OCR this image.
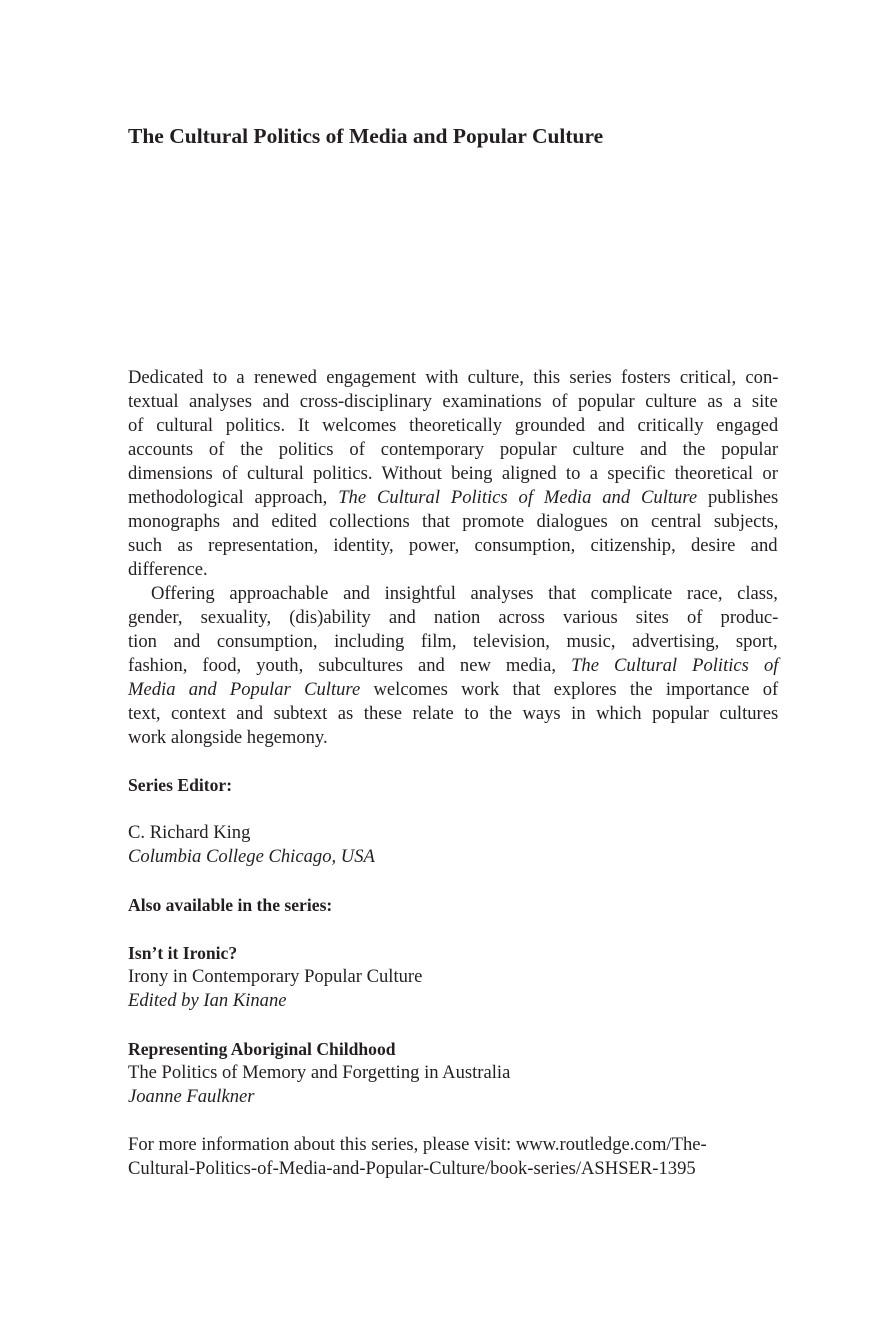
The Cultural Politics of Media and Popular Culture
Dedicated to a renewed engagement with culture, this series fosters critical, con-
textual analyses and cross-disciplinary examinations of popular culture as a site
of cultural politics. It welcomes theoretically grounded and critically engaged
accounts of the politics of contemporary popular culture and the popular
dimensions of cultural politics. Without being aligned to a specific theoretical or
methodological approach, The Cultural Politics of Media and Culture publishes
monographs and edited collections that promote dialogues on central subjects,
such as representation, identity, power, consumption, citizenship, desire and
difference.
Offering approachable and insightful analyses that complicate race, class,
gender, sexuality, (dis)ability and nation across various sites of produc-
tion and consumption, including film, television, music, advertising, sport,
fashion, food, youth, subcultures and new media, The Cultural Politics of
Media and Popular Culture welcomes work that explores the importance of
text, context and subtext as these relate to the ways in which popular cultures
work alongside hegemony.
Series Editor:
C. Richard King
Columbia College Chicago, USA
Also available in the series:
Isn’t it Ironic?
Irony in Contemporary Popular Culture
Edited by Ian Kinane
Representing Aboriginal Childhood
The Politics of Memory and Forgetting in Australia
Joanne Faulkner
For more information about this series, please visit: www.routledge.com/The-
Cultural-Politics-of-Media-and-Popular-Culture/book-series/ASHSER-1395
